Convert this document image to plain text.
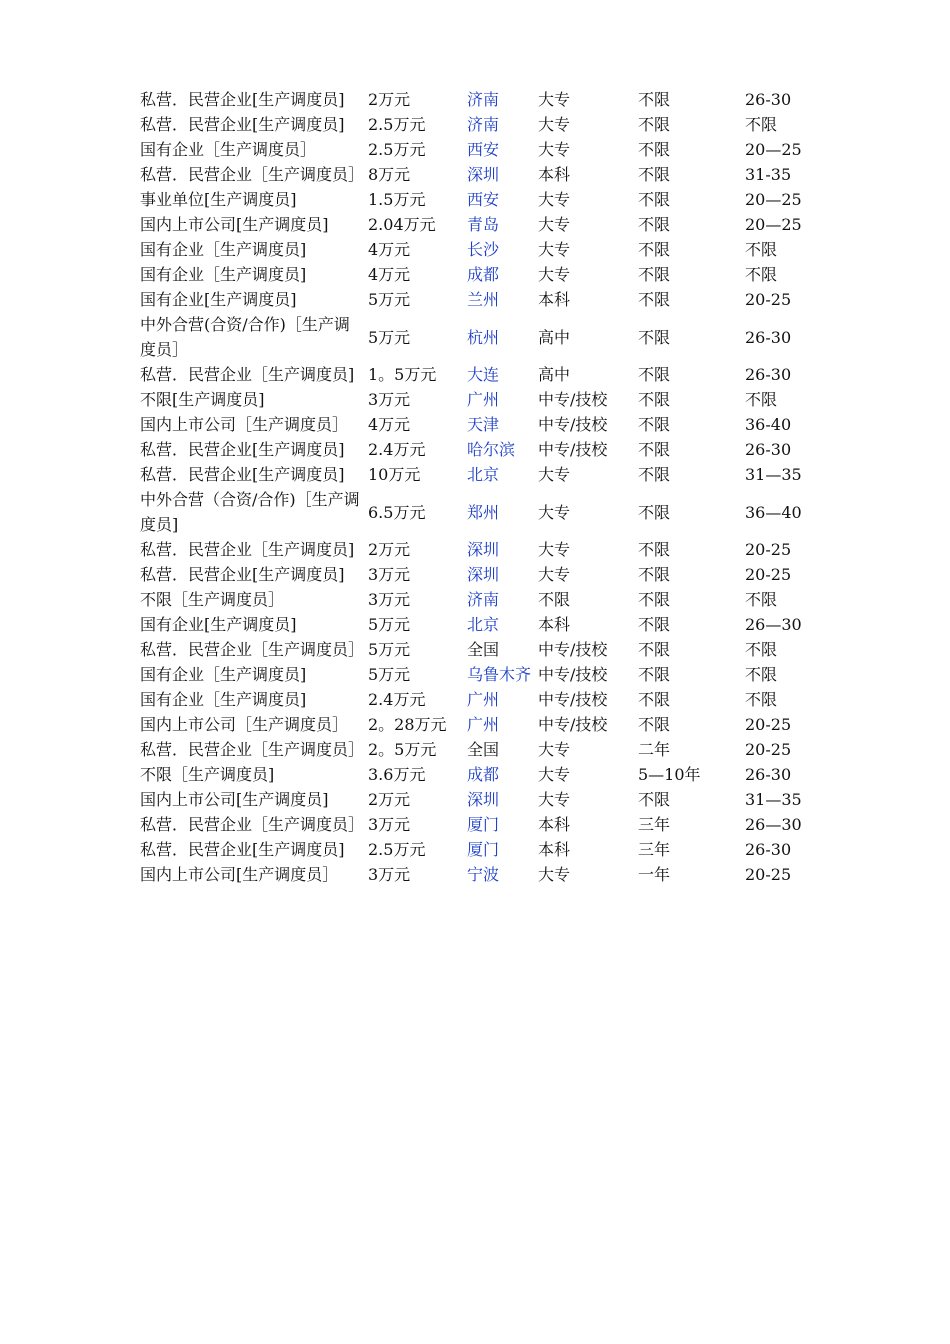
私营．民营企业[生产调度员]	2万元	济南	大专	不限	26-30
私营．民营企业[生产调度员]	2.5万元	济南	大专	不限	不限
国有企业［生产调度员］	2.5万元	西安	大专	不限	20—25
私营．民营企业［生产调度员］	8万元	深圳	本科	不限	31-35
事业单位[生产调度员]	1.5万元	西安	大专	不限	20—25
国内上市公司[生产调度员]	2.04万元	青岛	大专	不限	20—25
国有企业［生产调度员]	4万元	长沙	大专	不限	不限
国有企业［生产调度员]	4万元	成都	大专	不限	不限
国有企业[生产调度员]	5万元	兰州	本科	不限	20-25
中外合营(合资/合作)［生产调度员］	5万元	杭州	高中	不限	26-30
私营．民营企业［生产调度员]	1。5万元	大连	高中	不限	26-30
不限[生产调度员]	3万元	广州	中专/技校	不限	不限
国内上市公司［生产调度员］	4万元	天津	中专/技校	不限	36-40
私营．民营企业[生产调度员]	2.4万元	哈尔滨	中专/技校	不限	26-30
私营．民营企业[生产调度员]	10万元	北京	大专	不限	31—35
中外合营（合资/合作)［生产调度员]	6.5万元	郑州	大专	不限	36—40
私营．民营企业［生产调度员]	2万元	深圳	大专	不限	20-25
私营．民营企业[生产调度员]	3万元	深圳	大专	不限	20-25
不限［生产调度员］	3万元	济南	不限	不限	不限
国有企业[生产调度员]	5万元	北京	本科	不限	26—30
私营．民营企业［生产调度员］	5万元	全国	中专/技校	不限	不限
国有企业［生产调度员]	5万元	乌鲁木齐	中专/技校	不限	不限
国有企业［生产调度员]	2.4万元	广州	中专/技校	不限	不限
国内上市公司［生产调度员］	2。28万元	广州	中专/技校	不限	20-25
私营．民营企业［生产调度员］	2。5万元	全国	大专	二年	20-25
不限［生产调度员]	3.6万元	成都	大专	5—10年	26-30
国内上市公司[生产调度员]	2万元	深圳	大专	不限	31—35
私营．民营企业［生产调度员］	3万元	厦门	本科	三年	26—30
私营．民营企业[生产调度员]	2.5万元	厦门	本科	三年	26-30
国内上市公司[生产调度员］	3万元	宁波	大专	一年	20-25
